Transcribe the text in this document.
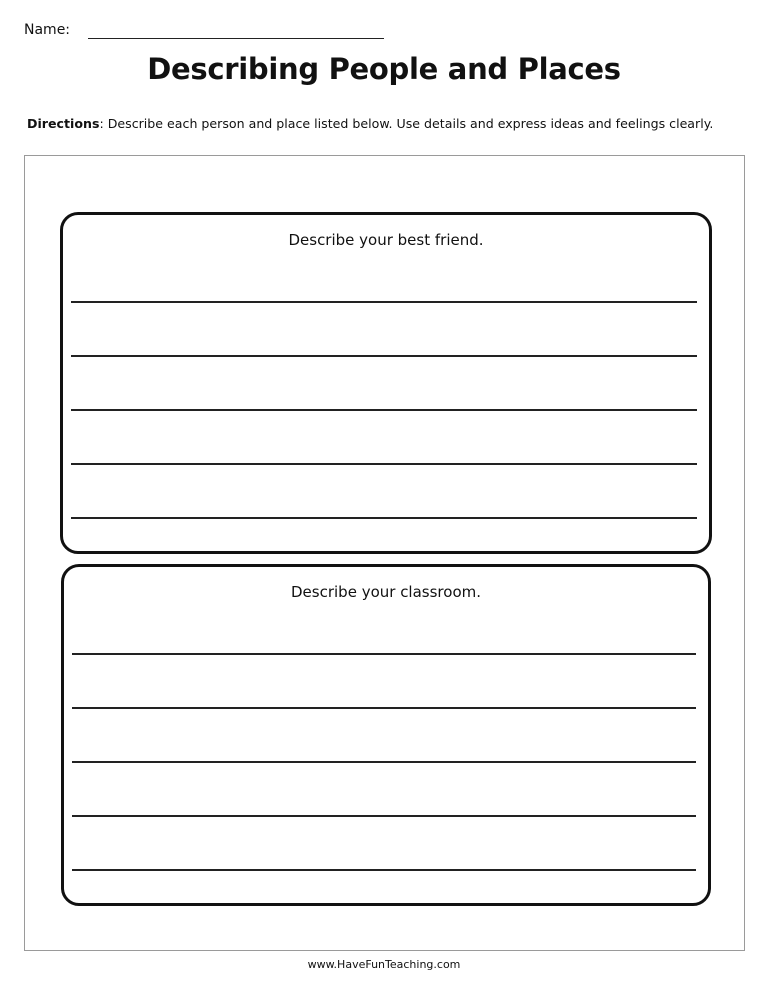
Name:
Describing People and Places
Directions: Describe each person and place listed below. Use details and express ideas and feelings clearly.
Describe your best friend.
Describe your classroom.
www.HaveFunTeaching.com
